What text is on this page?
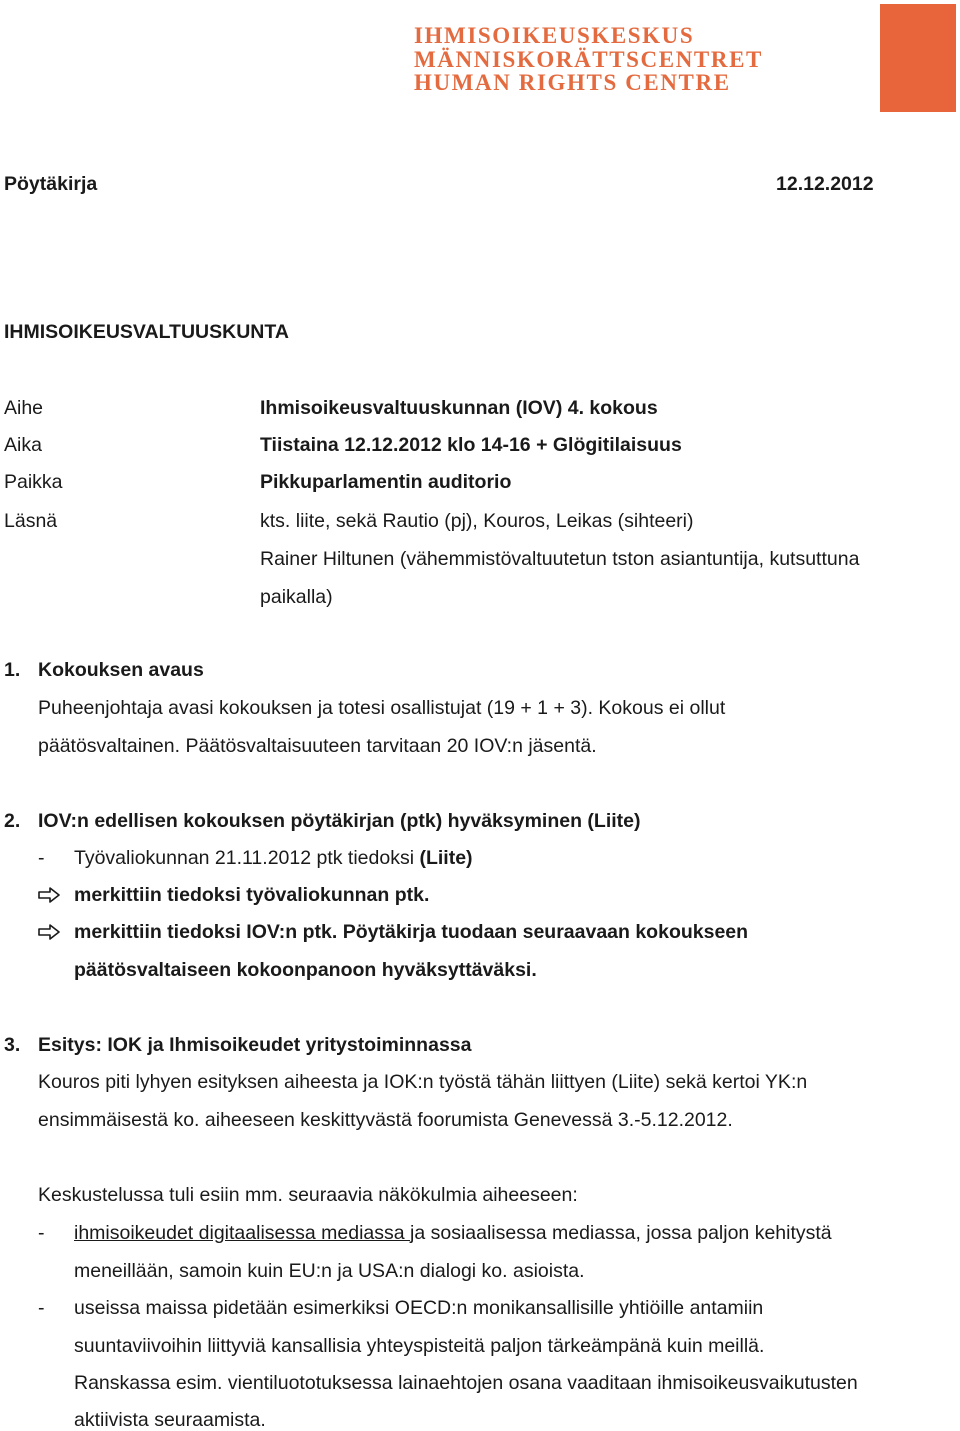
IHMISOIKEUSKESKUS
MÄNNISKORÄTTSCENTRET
HUMAN RIGHTS CENTRE
Pöytäkirja	12.12.2012
IHMISOIKEUSVALTUUSKUNTA
Aihe	Ihmisoikeusvaltuuskunnan (IOV) 4. kokous
Aika	Tiistaina 12.12.2012 klo 14-16 + Glögitilaisuus
Paikka	Pikkuparlamentin auditorio
Läsnä	kts. liite, sekä Rautio (pj), Kouros, Leikas (sihteeri)
Rainer Hiltunen (vähemmistövaltuutetun tston asiantuntija, kutsuttuna
paikalla)
1. Kokouksen avaus
Puheenjohtaja avasi kokouksen ja totesi osallistujat (19 + 1 + 3). Kokous ei ollut
päätösvaltainen. Päätösvaltaisuuteen tarvitaan 20 IOV:n jäsentä.
2. IOV:n edellisen kokouksen pöytäkirjan (ptk) hyväksyminen (Liite)
- Työvaliokunnan 21.11.2012 ptk tiedoksi (Liite)
merkittiin tiedoksi työvaliokunnan ptk.
merkittiin tiedoksi IOV:n ptk. Pöytäkirja tuodaan seuraavaan kokoukseen
päätösvaltaiseen kokoonpanoon hyväksyttäväksi.
3. Esitys: IOK ja Ihmisoikeudet yritystoiminnassa
Kouros piti lyhyen esityksen aiheesta ja IOK:n työstä tähän liittyen (Liite) sekä kertoi YK:n
ensimmäisestä ko. aiheeseen keskittyvästä foorumista Genevessä 3.-5.12.2012.
Keskustelussa tuli esiin mm. seuraavia näkökulmia aiheeseen:
- ihmisoikeudet digitaalisessa mediassa ja sosiaalisessa mediassa, jossa paljon kehitystä
meneillään, samoin kuin EU:n ja USA:n dialogi ko. asioista.
- useissa maissa pidetään esimerkiksi OECD:n monikansallisille yhtiöille antamiin
suuntaviivoihin liittyviä kansallisia yhteyspisteitä paljon tärkeämpänä kuin meillä.
Ranskassa esim. vientiluototuksessa lainaehtojen osana vaaditaan ihmisoikeusvaikutusten
aktiivista seuraamista.
